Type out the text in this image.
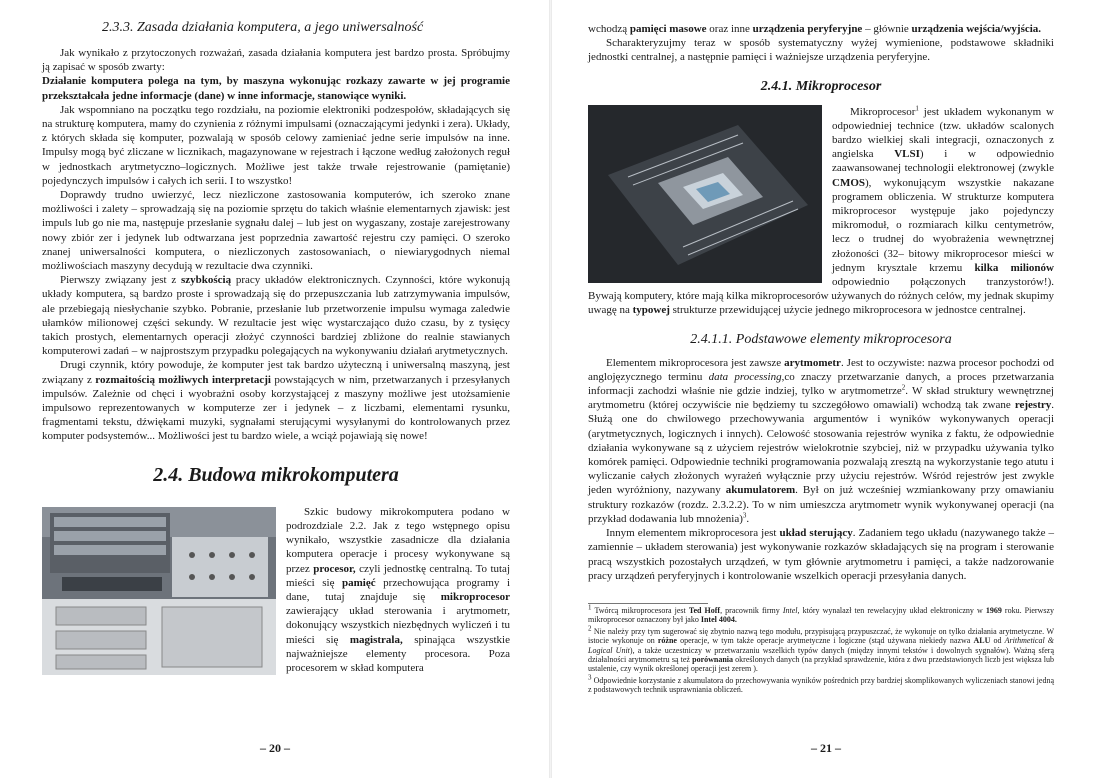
2.3.3. Zasada działania komputera, a jego uniwersalność

Jak wynikało z przytoczonych rozważań, zasada działania komputera jest bardzo prosta. Spróbujmy ją zapisać w sposób zwarty:

Działanie komputera polega na tym, by maszyna wykonując rozkazy zawarte w jej programie przekształcała jedne informacje (dane) w inne informacje, stanowiące wyniki.

Jak wspomniano na początku tego rozdziału, na poziomie elektroniki podzespołów, składających się na strukturę komputera, mamy do czynienia z różnymi impulsami (oznaczającymi jedynki i zera). Układy, z których składa się komputer, pozwalają w sposób celowy zamieniać jedne serie impulsów na inne. Impulsy mogą być zliczane w licznikach, magazynowane w rejestrach i łączone według założonych reguł w jednostkach arytmetyczno–logicznych. Możliwe jest także trwałe rejestrowanie (pamiętanie) pojedynczych impulsów i całych ich serii. I to wszystko!

Doprawdy trudno uwierzyć, lecz niezliczone zastosowania komputerów, ich szeroko znane możliwości i zalety – sprowadzają się na poziomie sprzętu do takich właśnie elementarnych zjawisk: jest impuls lub go nie ma, następuje przesłanie sygnału dalej – lub jest on wygaszany, zostaje zarejestrowany nowy zbiór zer i jedynek lub odtwarzana jest poprzednia zawartość rejestru czy pamięci. O szeroko znanej uniwersalności komputera, o niezliczonych zastosowaniach, o niewiarygodnych niemal możliwościach maszyny decydują w rezultacie dwa czynniki.

Pierwszy związany jest z szybkością pracy układów elektronicznych. Czynności, które wykonują układy komputera, są bardzo proste i sprowadzają się do przepuszczania lub zatrzymywania impulsów, ale przebiegają niesłychanie szybko. Pobranie, przesłanie lub przetworzenie impulsu wymaga zaledwie ułamków milionowej części sekundy. W rezultacie jest więc wystarczająco dużo czasu, by z tysięcy takich prostych, elementarnych operacji złożyć czynności bardziej zbliżone do realnie stawianych komputerowi zadań – w najprostszym przypadku polegających na wykonywaniu działań arytmetycznych.

Drugi czynnik, który powoduje, że komputer jest tak bardzo użyteczną i uniwersalną maszyną, jest związany z rozmaitością możliwych interpretacji powstających w nim, przetwarzanych i przesyłanych impulsów. Zależnie od chęci i wyobraźni osoby korzystającej z maszyny możliwe jest utożsamienie impulsowo reprezentowanych w komputerze zer i jedynek – z liczbami, elementami rysunku, fragmentami tekstu, dźwiękami muzyki, sygnałami sterującymi wysyłanymi do kontrolowanych przez komputer podsystemów... Możliwości jest tu bardzo wiele, a wciąż pojawiają się nowe!

2.4. Budowa mikrokomputera

Szkic budowy mikrokomputera podano w podrozdziale 2.2. Jak z tego wstępnego opisu wynikało, wszystkie zasadnicze dla działania komputera operacje i procesy wykonywane są przez procesor, czyli jednostkę centralną. To tutaj mieści się pamięć przechowująca programy i dane, tutaj znajduje się mikroprocesor zawierający układ sterowania i arytmometr, dokonujący wszystkich niezbędnych wyliczeń i tu mieści się magistrala, spinająca wszystkie najważniejsze elementy procesora. Poza procesorem w skład komputera

– 20 –

wchodzą pamięci masowe oraz inne urządzenia peryferyjne – głównie urządzenia wejścia/wyjścia.

Scharakteryzujmy teraz w sposób systematyczny wyżej wymienione, podstawowe składniki jednostki centralnej, a następnie pamięci i ważniejsze urządzenia peryferyjne.

2.4.1. Mikroprocesor

Mikroprocesor$^1$ jest układem wykonanym w odpowiedniej technice (tzw. układów scalonych bardzo wielkiej skali integracji, oznaczonych z angielska VLSI) i w odpowiednio zaawansowanej technologii elektronowej (zwykle CMOS), wykonującym wszystkie nakazane programem obliczenia. W strukturze komputera mikroprocesor występuje jako pojedynczy mikromoduł, o rozmiarach kilku centymetrów, lecz o trudnej do wyobrażenia wewnętrznej złożoności (32– bitowy mikroprocesor mieści w jednym krysztale krzemu kilka milionów odpowiednio połączonych tranzystorów!). Bywają komputery, które mają kilka mikroprocesorów używanych do różnych celów, my jednak skupimy uwagę na typowej strukturze przewidującej użycie jednego mikroprocesora w jednostce centralnej.

2.4.1.1. Podstawowe elementy mikroprocesora

Elementem mikroprocesora jest zawsze arytmometr. Jest to oczywiste: nazwa procesor pochodzi od anglojęzycznego terminu data processing,co znaczy przetwarzanie danych, a proces przetwarzania informacji zachodzi właśnie nie gdzie indziej, tylko w arytmometrze$^2$. W skład struktury wewnętrznej arytmometru (której oczywiście nie będziemy tu szczegółowo omawiali) wchodzą tak zwane rejestry. Służą one do chwilowego przechowywania argumentów i wyników wykonywanych operacji (arytmetycznych, logicznych i innych). Celowość stosowania rejestrów wynika z faktu, że odpowiednie działania wykonywane są z użyciem rejestrów wielokrotnie szybciej, niż w przypadku używania tylko komórek pamięci. Odpowiednie techniki programowania pozwalają zresztą na wykorzystanie tego atutu i wyliczanie całych złożonych wyrażeń wyłącznie przy użyciu rejestrów. Wśród rejestrów jest zwykle jeden wyróżniony, nazywany akumulatorem. Był on już wcześniej wzmiankowany przy omawianiu struktury rozkazów (rozdz. 2.3.2.2). To w nim umieszcza arytmometr wynik wykonywanej operacji (na przykład dodawania lub mnożenia)$^3$.

Innym elementem mikroprocesora jest układ sterujący. Zadaniem tego układu (nazywanego także – zamiennie – układem sterowania) jest wykonywanie rozkazów składających się na program i sterowanie pracą wszystkich pozostałych urządzeń, w tym głównie arytmometru i pamięci, a także nadzorowanie pracy urządzeń peryferyjnych i kontrolowanie wszelkich operacji przesyłania danych.

$^1$ Twórcą mikroprocesora jest Ted Hoff, pracownik firmy Intel, który wynalazł ten rewelacyjny układ elektroniczny w 1969 roku. Pierwszy mikroprocesor oznaczony był jako Intel 4004.

$^2$ Nie należy przy tym sugerować się zbytnio nazwą tego modułu, przypisującą przypuszczać, że wykonuje on tylko działania arytmetyczne. W istocie wykonuje on różne operacje, w tym także operacje arytmetyczne i logiczne (stąd używana niekiedy nazwa ALU od Arithmetical & Logical Unit), a także uczestniczy w przetwarzaniu wszelkich typów danych (między innymi tekstów i dowolnych sygnałów). Ważną sferą działalności arytmometru są też porównania określonych danych (na przykład sprawdzenie, która z dwu przedstawionych liczb jest większa lub ustalenie, czy wynik określonej operacji jest zerem ).

$^3$ Odpowiednie korzystanie z akumulatora do przechowywania wyników pośrednich przy bardziej skomplikowanych wyliczeniach stanowi jedną z podstawowych technik usprawniania obliczeń.

– 21 –
